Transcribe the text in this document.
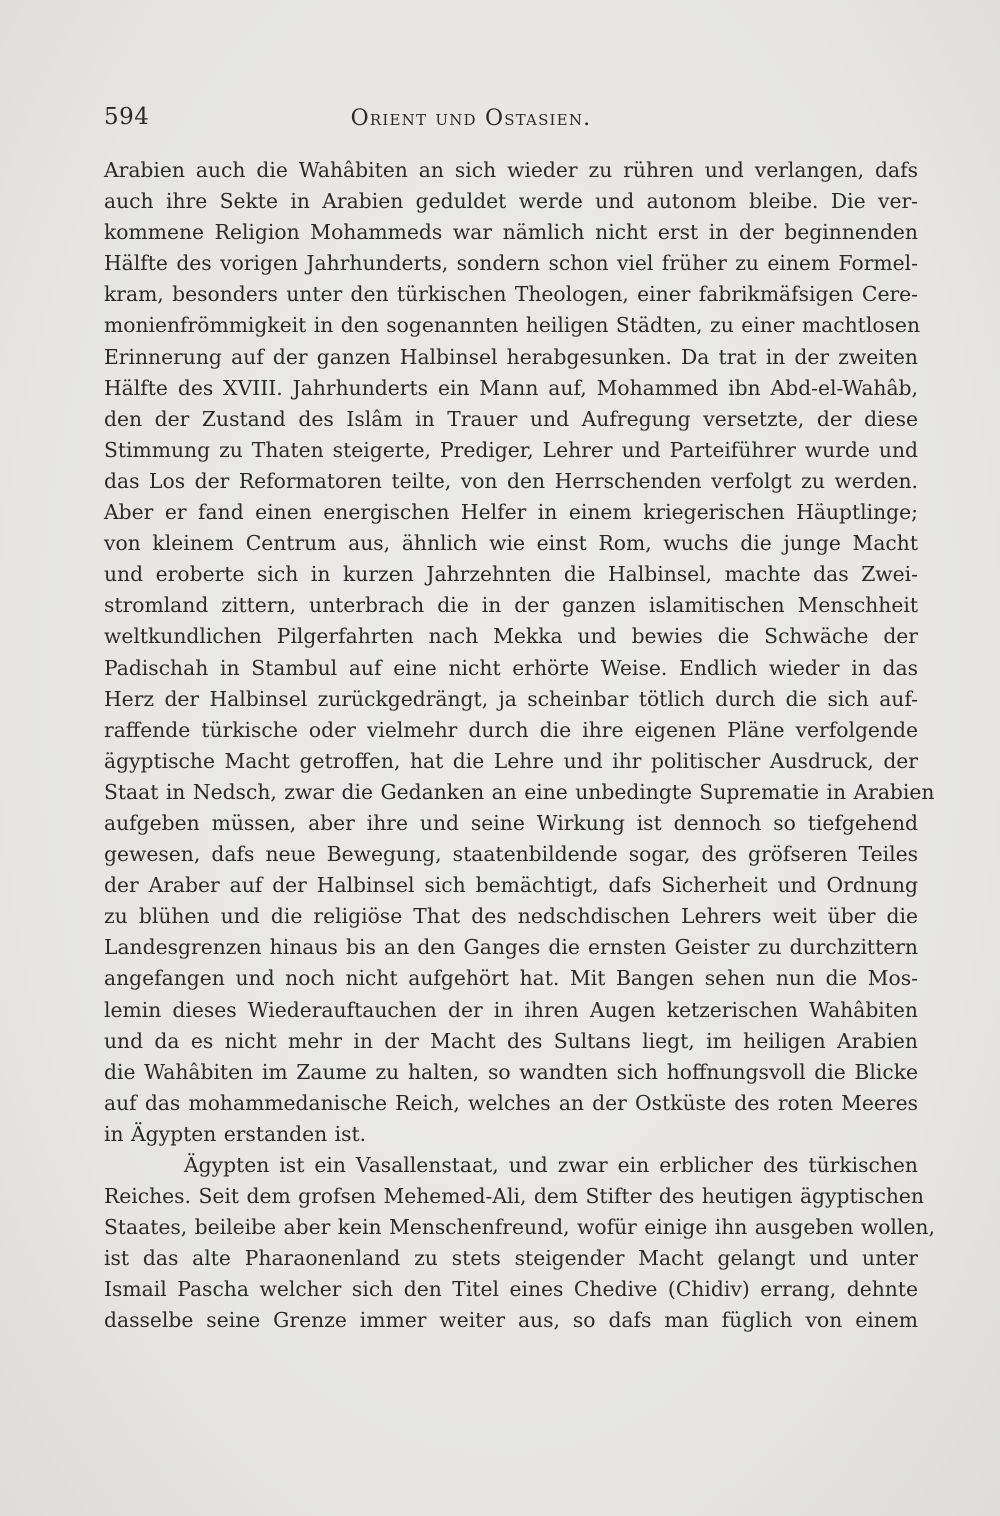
594	Orient und Ostasien.
Arabien auch die Wahâbiten an sich wieder zu rühren und verlangen, dafs
auch ihre Sekte in Arabien geduldet werde und autonom bleibe. Die ver-
kommene Religion Mohammeds war nämlich nicht erst in der beginnenden
Hälfte des vorigen Jahrhunderts, sondern schon viel früher zu einem Formel-
kram, besonders unter den türkischen Theologen, einer fabrikmäfsigen Cere-
monienfrömmigkeit in den sogenannten heiligen Städten, zu einer machtlosen
Erinnerung auf der ganzen Halbinsel herabgesunken. Da trat in der zweiten
Hälfte des XVIII. Jahrhunderts ein Mann auf, Mohammed ibn Abd-el-Wahâb,
den der Zustand des Islâm in Trauer und Aufregung versetzte, der diese
Stimmung zu Thaten steigerte, Prediger, Lehrer und Parteiführer wurde und
das Los der Reformatoren teilte, von den Herrschenden verfolgt zu werden.
Aber er fand einen energischen Helfer in einem kriegerischen Häuptlinge;
von kleinem Centrum aus, ähnlich wie einst Rom, wuchs die junge Macht
und eroberte sich in kurzen Jahrzehnten die Halbinsel, machte das Zwei-
stromland zittern, unterbrach die in der ganzen islamitischen Menschheit
weltkundlichen Pilgerfahrten nach Mekka und bewies die Schwäche der
Padischah in Stambul auf eine nicht erhörte Weise. Endlich wieder in das
Herz der Halbinsel zurückgedrängt, ja scheinbar tötlich durch die sich auf-
raffende türkische oder vielmehr durch die ihre eigenen Pläne verfolgende
ägyptische Macht getroffen, hat die Lehre und ihr politischer Ausdruck, der
Staat in Nedsch, zwar die Gedanken an eine unbedingte Suprematie in Arabien
aufgeben müssen, aber ihre und seine Wirkung ist dennoch so tiefgehend
gewesen, dafs neue Bewegung, staatenbildende sogar, des gröfseren Teiles
der Araber auf der Halbinsel sich bemächtigt, dafs Sicherheit und Ordnung
zu blühen und die religiöse That des nedschdischen Lehrers weit über die
Landesgrenzen hinaus bis an den Ganges die ernsten Geister zu durchzittern
angefangen und noch nicht aufgehört hat. Mit Bangen sehen nun die Mos-
lemin dieses Wiederauftauchen der in ihren Augen ketzerischen Wahâbiten
und da es nicht mehr in der Macht des Sultans liegt, im heiligen Arabien
die Wahâbiten im Zaume zu halten, so wandten sich hoffnungsvoll die Blicke
auf das mohammedanische Reich, welches an der Ostküste des roten Meeres
in Ägypten erstanden ist.
Ägypten ist ein Vasallenstaat, und zwar ein erblicher des türkischen
Reiches. Seit dem grofsen Mehemed-Ali, dem Stifter des heutigen ägyptischen
Staates, beileibe aber kein Menschenfreund, wofür einige ihn ausgeben wollen,
ist das alte Pharaonenland zu stets steigender Macht gelangt und unter
Ismail Pascha welcher sich den Titel eines Chedive (Chidiv) errang, dehnte
dasselbe seine Grenze immer weiter aus, so dafs man füglich von einem
